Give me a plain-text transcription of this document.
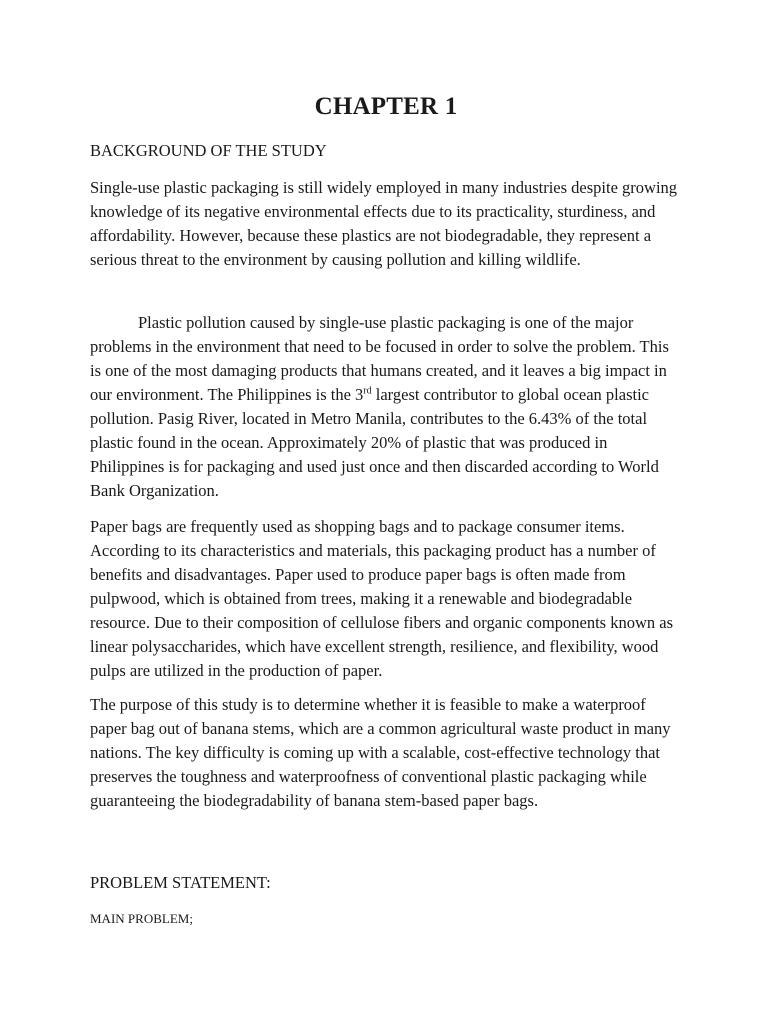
CHAPTER 1

BACKGROUND OF THE STUDY

Single-use plastic packaging is still widely employed in many industries despite growing knowledge of its negative environmental effects due to its practicality, sturdiness, and affordability. However, because these plastics are not biodegradable, they represent a serious threat to the environment by causing pollution and killing wildlife.

Plastic pollution caused by single-use plastic packaging is one of the major problems in the environment that need to be focused in order to solve the problem. This is one of the most damaging products that humans created, and it leaves a big impact in our environment. The Philippines is the 3rd largest contributor to global ocean plastic pollution. Pasig River, located in Metro Manila, contributes to the 6.43% of the total plastic found in the ocean. Approximately 20% of plastic that was produced in Philippines is for packaging and used just once and then discarded according to World Bank Organization.

Paper bags are frequently used as shopping bags and to package consumer items. According to its characteristics and materials, this packaging product has a number of benefits and disadvantages. Paper used to produce paper bags is often made from pulpwood, which is obtained from trees, making it a renewable and biodegradable resource. Due to their composition of cellulose fibers and organic components known as linear polysaccharides, which have excellent strength, resilience, and flexibility, wood pulps are utilized in the production of paper.

The purpose of this study is to determine whether it is feasible to make a waterproof paper bag out of banana stems, which are a common agricultural waste product in many nations. The key difficulty is coming up with a scalable, cost-effective technology that preserves the toughness and waterproofness of conventional plastic packaging while guaranteeing the biodegradability of banana stem-based paper bags.

PROBLEM STATEMENT:

MAIN PROBLEM;
